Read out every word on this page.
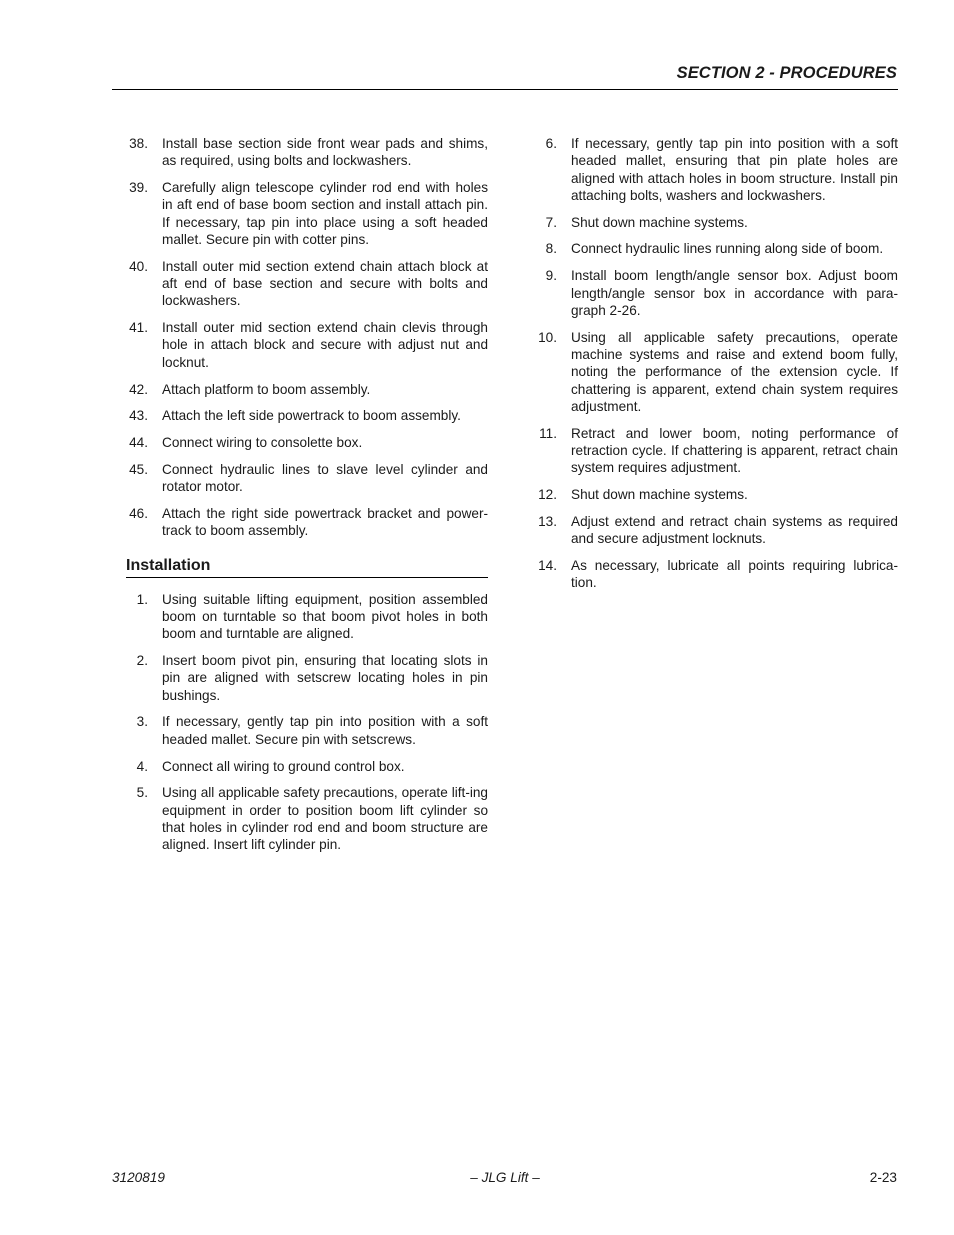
SECTION 2 - PROCEDURES
38. Install base section side front wear pads and shims, as required, using bolts and lockwashers.
39. Carefully align telescope cylinder rod end with holes in aft end of base boom section and install attach pin. If necessary, tap pin into place using a soft headed mallet. Secure pin with cotter pins.
40. Install outer mid section extend chain attach block at aft end of base section and secure with bolts and lockwashers.
41. Install outer mid section extend chain clevis through hole in attach block and secure with adjust nut and locknut.
42. Attach platform to boom assembly.
43. Attach the left side powertrack to boom assembly.
44. Connect wiring to consolette box.
45. Connect hydraulic lines to slave level cylinder and rotator motor.
46. Attach the right side powertrack bracket and power-track to boom assembly.
Installation
1. Using suitable lifting equipment, position assembled boom on turntable so that boom pivot holes in both boom and turntable are aligned.
2. Insert boom pivot pin, ensuring that locating slots in pin are aligned with setscrew locating holes in pin bushings.
3. If necessary, gently tap pin into position with a soft headed mallet. Secure pin with setscrews.
4. Connect all wiring to ground control box.
5. Using all applicable safety precautions, operate lift-ing equipment in order to position boom lift cylinder so that holes in cylinder rod end and boom structure are aligned. Insert lift cylinder pin.
6. If necessary, gently tap pin into position with a soft headed mallet, ensuring that pin plate holes are aligned with attach holes in boom structure. Install pin attaching bolts, washers and lockwashers.
7. Shut down machine systems.
8. Connect hydraulic lines running along side of boom.
9. Install boom length/angle sensor box. Adjust boom length/angle sensor box in accordance with para-graph 2-26.
10. Using all applicable safety precautions, operate machine systems and raise and extend boom fully, noting the performance of the extension cycle. If chattering is apparent, extend chain system requires adjustment.
11. Retract and lower boom, noting performance of retraction cycle. If chattering is apparent, retract chain system requires adjustment.
12. Shut down machine systems.
13. Adjust extend and retract chain systems as required and secure adjustment locknuts.
14. As necessary, lubricate all points requiring lubrica-tion.
3120819	– JLG Lift –	2-23
